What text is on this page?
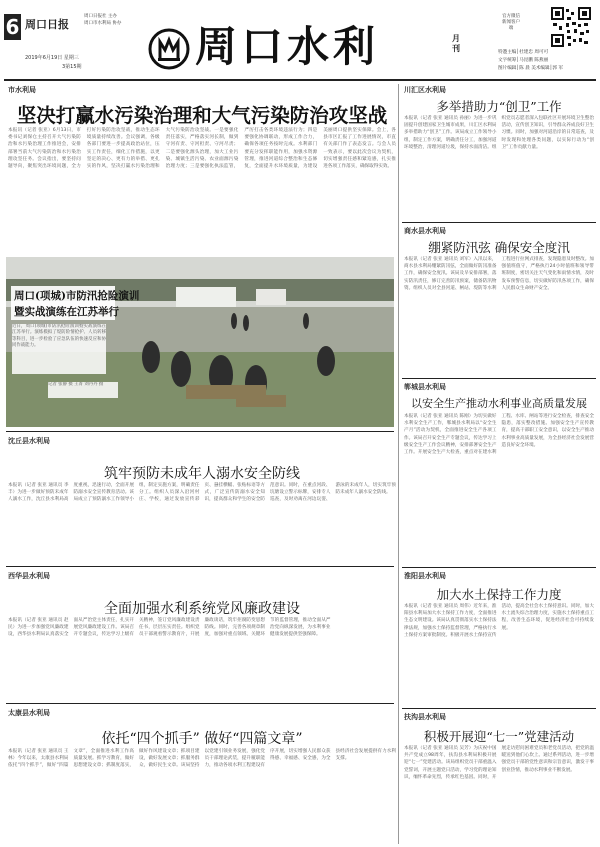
6 周口日报
周口日报社 主办
周口市水利局 协办
2019年6月19日 星期三
3第15期	周口水利	月刊
官方微信 新闻客户端
特邀主编│杜建忠 周可可
文字统筹│马昆鹏 陈燕丽
图片编辑│陈 晨 美术编辑│郭 军
市水利局
坚决打赢水污染治理和大气污染防治攻坚战
本报讯（记者 张亚）6月13日，市委书记刘保仓主持召开大气污染防治和水污染治理工作推进会，安排部署当前大气污染防治和水污染治理攻坚任务。会议指出，要坚持问题导向，聚焦突出环境问题，全力打好污染防治攻坚战，推动生态环境质量持续改善。会议强调，各级各部门要进一步提高政治站位，压实工作责任，细化工作措施，以更坚定的决心、更有力的举措、更扎实的作风，坚决打赢水污染治理和大气污染防治攻坚战。一是要强化责任落实，严格落实河长制，做到守河有责、守河担责、守河尽责；二是要强化源头治理，加大工业污染、城镇生活污染、农业面源污染治理力度；三是要强化执法监管，严厉打击各类环境违法行为；四是要强化协调联动，形成工作合力，确保各项任务按时完成。水利部门要充分发挥职能作用，加强水资源管理，推进河道综合整治和生态修复，全面提升水环境质量，为建设美丽周口提供坚实保障。会上，各县市区汇报了工作进展情况，市直有关部门作了表态发言。与会人员一致表示，要以此次会议为契机，切实增强责任感和紧迫感，扎实推进各项工作落实，确保取得实效。
周口(项城)市防汛抢险演训
暨实战演练在江苏举行
近日，周口(项城)市防汛抢险演训暨实战演练在江苏举行。演练模拟了堤防险情抢护、人员转移等科目，进一步检验了应急队伍的快速反应和协同作战能力。
记者 张静 摄 王菁 刘丹丹 摄
沈丘县水利局
筑牢预防未成年人溺水安全防线
本报讯（记者 张亚 通讯员 李丰）为进一步做好预防未成年人溺水工作，沈丘县水利局高度重视，迅速行动，全面开展防溺水安全宣传教育活动。该局成立了预防溺水工作领导小组，制定实施方案，明确责任分工。组织人员深入沿河村庄、学校，通过发放宣传彩页、悬挂横幅、张贴标语等方式，广泛宣传防溺水安全知识，提高群众和学生的安全防范意识。同时，在重点河段、坑塘设立警示标牌，安排专人巡查，及时劝离在河边玩耍、游泳的未成年人，切实筑牢预防未成年人溺水安全防线。
西华县水利局
全面加强水利系统党风廉政建设
本报讯（记者 张亚 通讯员 赵民）为进一步加强党风廉政建设，西华县水利局认真落实全面从严治党主体责任，扎实开展党风廉政建设工作。该局召开专题会议，传达学习上级有关精神，签订党风廉政建设责任书，层层压实责任。组织党员干部观看警示教育片，开展廉政谈话，筑牢拒腐防变思想防线。同时，完善各项规章制度，加强对重点领域、关键环节的监督管理，推动全面从严治党向纵深发展，为水利事业健康发展提供坚强保障。
太康县水利局
依托“四个抓手” 做好“四篇文章”
本报讯（记者 张亚 通讯员 王林）今年以来，太康县水利局依托“四个抓手”，做好“四篇文章”，全面推进水利工作高质量发展。抓学习教育，做好思想建设文章；抓制度落实，做好作风建设文章；抓项目建设，做好发展文章；抓服务群众，做好民生文章。该局坚持以党建引领业务发展，强化党员干部理论武装，提升履职能力，推动各项水利工程建设有序开展，切实增强人民群众获得感、幸福感、安全感，为全县经济社会发展提供有力水利支撑。
川汇区水利局
多举措助力“创卫”工作
本报讯（记者 张亚 通讯员 孙丽）为进一步巩固提升创建国家卫生城市成果，川汇区水利局多举措助力“创卫”工作。该局成立工作领导小组，制定工作方案，明确责任分工，加强河道环境整治，清理河道垃圾，保持水面清洁。组织党员志愿者深入包联社区开展环境卫生整治活动，宣传创卫知识，引导群众养成良好卫生习惯。同时，加强对河道沿岸的日常巡查，及时发现和处理各类问题，以实际行动为“创卫”工作贡献力量。
商水县水利局
绷紧防汛弦 确保安全度汛
本报讯（记者 张亚 通讯员 刘军）入汛以来，商水县水利局绷紧防汛弦，全面做好防汛准备工作，确保安全度汛。该局及早安排部署，落实防汛责任，修订完善防汛预案，储备防汛物资。组织人员对全县河道、闸站、堤防等水利工程进行拉网式排查，发现隐患及时整改。加强值班值守，严格执行24小时值班和领导带班制度，密切关注天气变化和雨情水情，及时发布预警信息，切实做好防汛各项工作，确保人民群众生命财产安全。
郸城县水利局
以安全生产推动水利事业高质量发展
本报讯（记者 张亚 通讯员 陈刚）为切实做好水利安全生产工作，郸城县水利局以“安全生产月”活动为契机，全面推进安全生产各项工作。该局召开安全生产专题会议，传达学习上级安全生产工作会议精神，安排部署安全生产工作。开展安全生产大检查，重点对在建水利工程、水库、闸站等进行安全检查，排查安全隐患，落实整改措施。加强安全生产宣传教育，提高干部职工安全意识，以安全生产推动水利事业高质量发展，为全县经济社会发展营造良好安全环境。
淮阳县水利局
加大水土保持工作力度
本报讯（记者 张亚 通讯员 周伟）近年来，淮阳县水利局加大水土保持工作力度，全面推进生态文明建设。该局认真贯彻落实水土保持法律法规，加强水土保持监督管理，严格执行水土保持方案审批制度。积极开展水土保持宣传活动，提高全社会水土保持意识。同时，加大水土流失综合治理力度，实施水土保持重点工程，改善生态环境，促进经济社会可持续发展。
扶沟县水利局
积极开展迎“七一”党建活动
本报讯（记者 张亚 通讯员 吴芳）为庆祝中国共产党成立98周年，扶沟县水利局积极开展迎“七一”党建活动。该局组织党员干部重温入党誓词，开展主题党日活动，学习党的理论知识，缅怀革命先烈，传承红色基因。同时，开展走访慰问困难党员和老党员活动，把党的温暖送到他们心坎上。通过系列活动，进一步增强党员干部的党性意识和宗旨意识，激发干事创业热情，推动水利事业不断发展。
